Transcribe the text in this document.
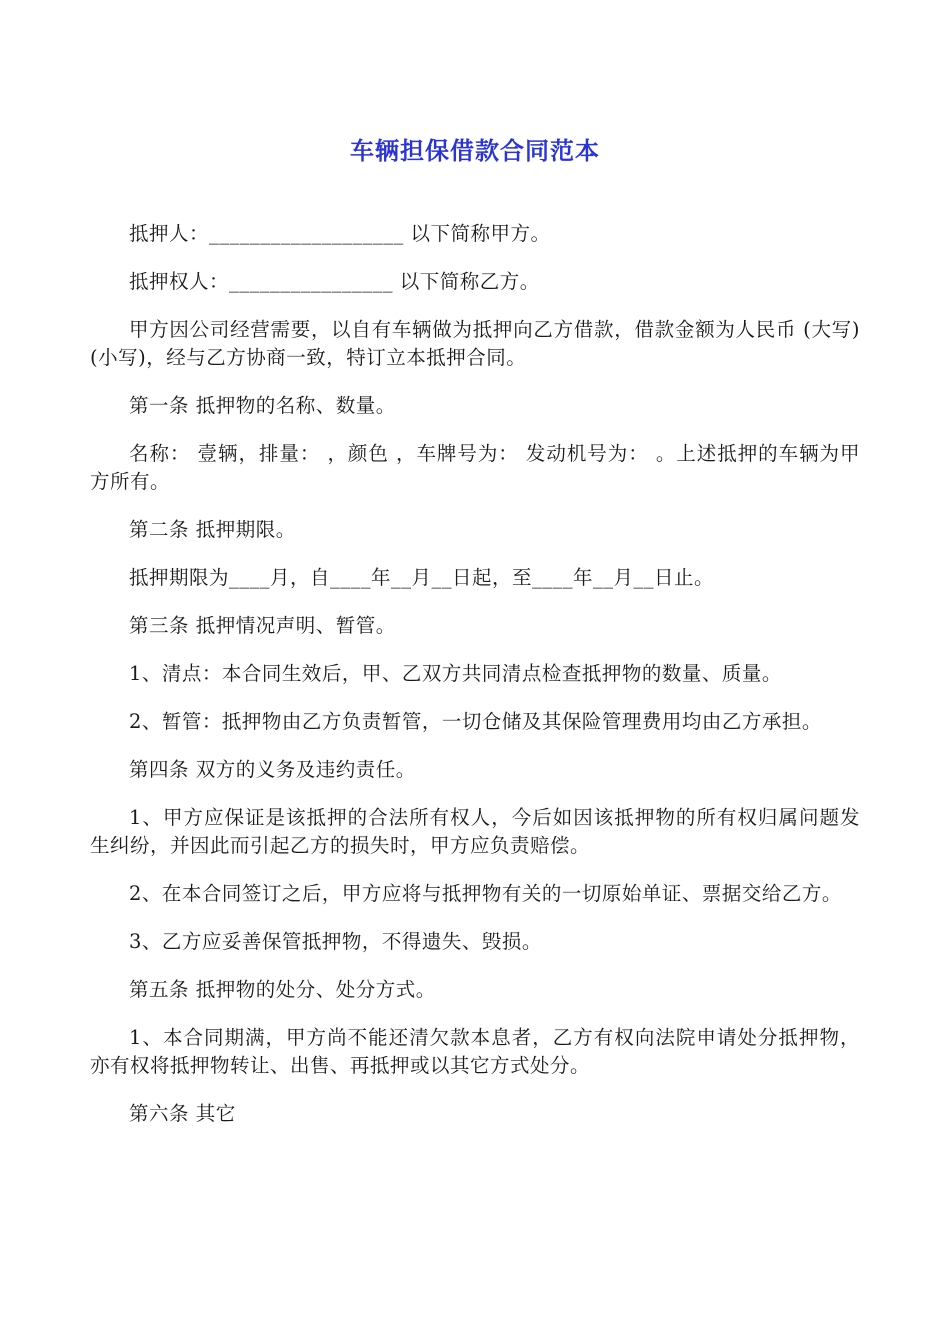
车辆担保借款合同范本

抵押人：___________________ 以下简称甲方。

抵押权人：________________ 以下简称乙方。

甲方因公司经营需要，以自有车辆做为抵押向乙方借款，借款金额为人民币 (大写) (小写)，经与乙方协商一致，特订立本抵押合同。

第一条 抵押物的名称、数量。

名称： 壹辆，排量： ，颜色 ，车牌号为： 发动机号为： 。上述抵押的车辆为甲方所有。

第二条 抵押期限。

抵押期限为____月，自____年__月__日起，至____年__月__日止。

第三条 抵押情况声明、暂管。

1、清点：本合同生效后，甲、乙双方共同清点检查抵押物的数量、质量。

2、暂管：抵押物由乙方负责暂管，一切仓储及其保险管理费用均由乙方承担。

第四条 双方的义务及违约责任。

1、甲方应保证是该抵押的合法所有权人，今后如因该抵押物的所有权归属问题发生纠纷，并因此而引起乙方的损失时，甲方应负责赔偿。

2、在本合同签订之后，甲方应将与抵押物有关的一切原始单证、票据交给乙方。

3、乙方应妥善保管抵押物，不得遗失、毁损。

第五条 抵押物的处分、处分方式。

1、本合同期满，甲方尚不能还清欠款本息者，乙方有权向法院申请处分抵押物，亦有权将抵押物转让、出售、再抵押或以其它方式处分。

第六条 其它
